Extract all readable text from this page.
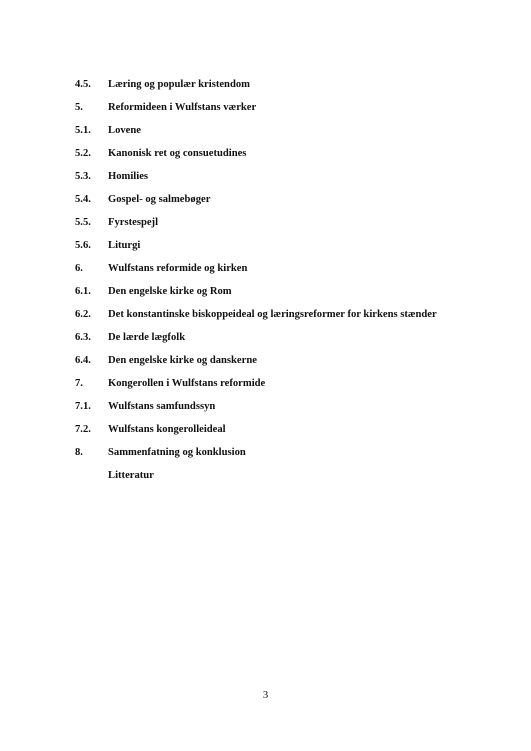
4.5. Læring og populær kristendom
5. Reformideen i Wulfstans værker
5.1. Lovene
5.2. Kanonisk ret og consuetudines
5.3. Homilies
5.4. Gospel- og salmebøger
5.5. Fyrstespejl
5.6. Liturgi
6. Wulfstans reformide og kirken
6.1. Den engelske kirke og Rom
6.2. Det konstantinske biskoppeideal og læringsreformer for kirkens stænder
6.3. De lærde lægfolk
6.4. Den engelske kirke og danskerne
7. Kongerollen i Wulfstans reformide
7.1. Wulfstans samfundssyn
7.2. Wulfstans kongerolleideal
8. Sammenfatning og konklusion
Litteratur
3
